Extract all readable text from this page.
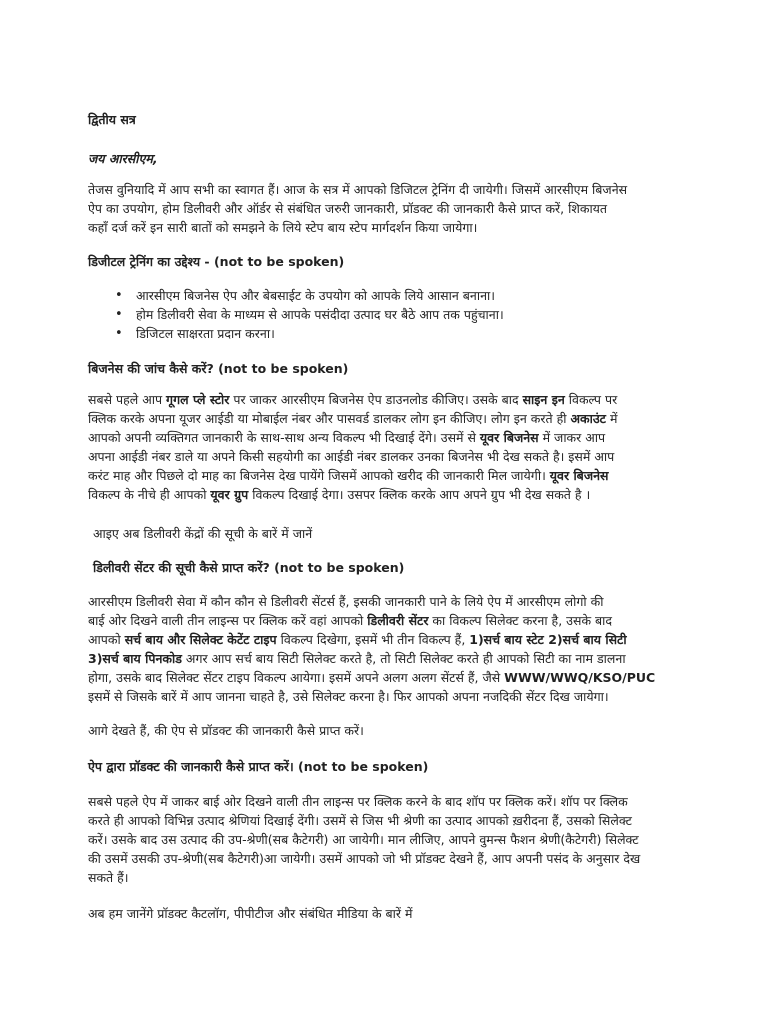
द्वितीय सत्र

जय आरसीएम,

तेजस वुनियादि में आप सभी का स्वागत हैं। आज के सत्र में आपको डिजिटल ट्रेनिंग दी जायेगी। जिसमें आरसीएम बिजनेस
ऐप का उपयोग, होम डिलीवरी और ऑर्डर से संबंधित जरुरी जानकारी, प्रॉडक्ट की जानकारी कैसे प्राप्त करें, शिकायत
कहाँ दर्ज करें इन सारी बातों को समझने के लिये स्टेप बाय स्टेप मार्गदर्शन किया जायेगा।

डिजीटल ट्रेनिंग का उद्देश्य - (not to be spoken)

• आरसीएम बिजनेस ऐप और बेबसाईट के उपयोग को आपके लिये आसान बनाना।
• होम डिलीवरी सेवा के माध्यम से आपके पसंदीदा उत्पाद घर बैठे आप तक पहुंचाना।
• डिजिटल साक्षरता प्रदान करना।

बिजनेस की जांच कैसे करें? (not to be spoken)

सबसे पहले आप गूगल प्ले स्टोर पर जाकर आरसीएम बिजनेस ऐप डाउनलोड कीजिए। उसके बाद साइन इन विकल्प पर
क्लिक करके अपना यूजर आईडी या मोबाईल नंबर और पासवर्ड डालकर लोग इन कीजिए। लोग इन करते ही अकाउंट में
आपको अपनी व्यक्तिगत जानकारी के साथ-साथ अन्य विकल्प भी दिखाई देंगे। उसमें से यूवर बिजनेस में जाकर आप
अपना आईडी नंबर डाले या अपने किसी सहयोगी का आईडी नंबर डालकर उनका बिजनेस भी देख सकते है। इसमें आप
करंट माह और पिछले दो माह का बिजनेस देख पायेंगे जिसमें आपको खरीद की जानकारी मिल जायेगी। यूवर बिजनेस
विकल्प के नीचे ही आपको यूवर ग्रुप विकल्प दिखाई देगा। उसपर क्लिक करके आप अपने ग्रुप भी देख सकते है ।

आइए अब डिलीवरी केंद्रों की सूची के बारें में जानें

डिलीवरी सेंटर की सूची कैसे प्राप्त करें? (not to be spoken)

आरसीएम डिलीवरी सेवा में कौन कौन से डिलीवरी सेंटर्स हैं, इसकी जानकारी पाने के लिये ऐप में आरसीएम लोगो की
बाई ओर दिखने वाली तीन लाइन्स पर क्लिक करें वहां आपको डिलीवरी सेंटर का विकल्प सिलेक्ट करना है, उसके बाद
आपको सर्च बाय और सिलेक्ट केटेंट टाइप विकल्प दिखेगा, इसमें भी तीन विकल्प हैं, 1)सर्च बाय स्टेट 2)सर्च बाय सिटी
3)सर्च बाय पिनकोड अगर आप सर्च बाय सिटी सिलेक्ट करते है, तो सिटी सिलेक्ट करते ही आपको सिटी का नाम डालना
होगा, उसके बाद सिलेक्ट सेंटर टाइप विकल्प आयेगा। इसमें अपने अलग अलग सेंटर्स हैं, जैसे WWW/WWQ/KSO/PUC
इसमें से जिसके बारें में आप जानना चाहते है, उसे सिलेक्ट करना है। फिर आपको अपना नजदिकी सेंटर दिख जायेगा।

आगे देखते हैं, की ऐप से प्रॉडक्ट की जानकारी कैसे प्राप्त करें।

ऐप द्वारा प्रॉडक्ट की जानकारी कैसे प्राप्त करें। (not to be spoken)

सबसे पहले ऐप में जाकर बाई ओर दिखने वाली तीन लाइन्स पर क्लिक करने के बाद शॉप पर क्लिक करें। शॉप पर क्लिक
करते ही आपको विभिन्न उत्पाद श्रेणियां दिखाई देंगी। उसमें से जिस भी श्रेणी का उत्पाद आपको ख़रीदना हैं, उसको सिलेक्ट
करें। उसके बाद उस उत्पाद की उप-श्रेणी(सब कैटेगरी) आ जायेगी। मान लीजिए, आपने वुमन्स फैशन श्रेणी(कैटेगरी) सिलेक्ट
की उसमें उसकी उप-श्रेणी(सब कैटेगरी)आ जायेगी। उसमें आपको जो भी प्रॉडक्ट देखने हैं, आप अपनी पसंद के अनुसार देख
सकते हैं।

अब हम जानेंगे प्रॉडक्ट कैटलॉग, पीपीटीज और संबंधित मीडिया के बारें में
